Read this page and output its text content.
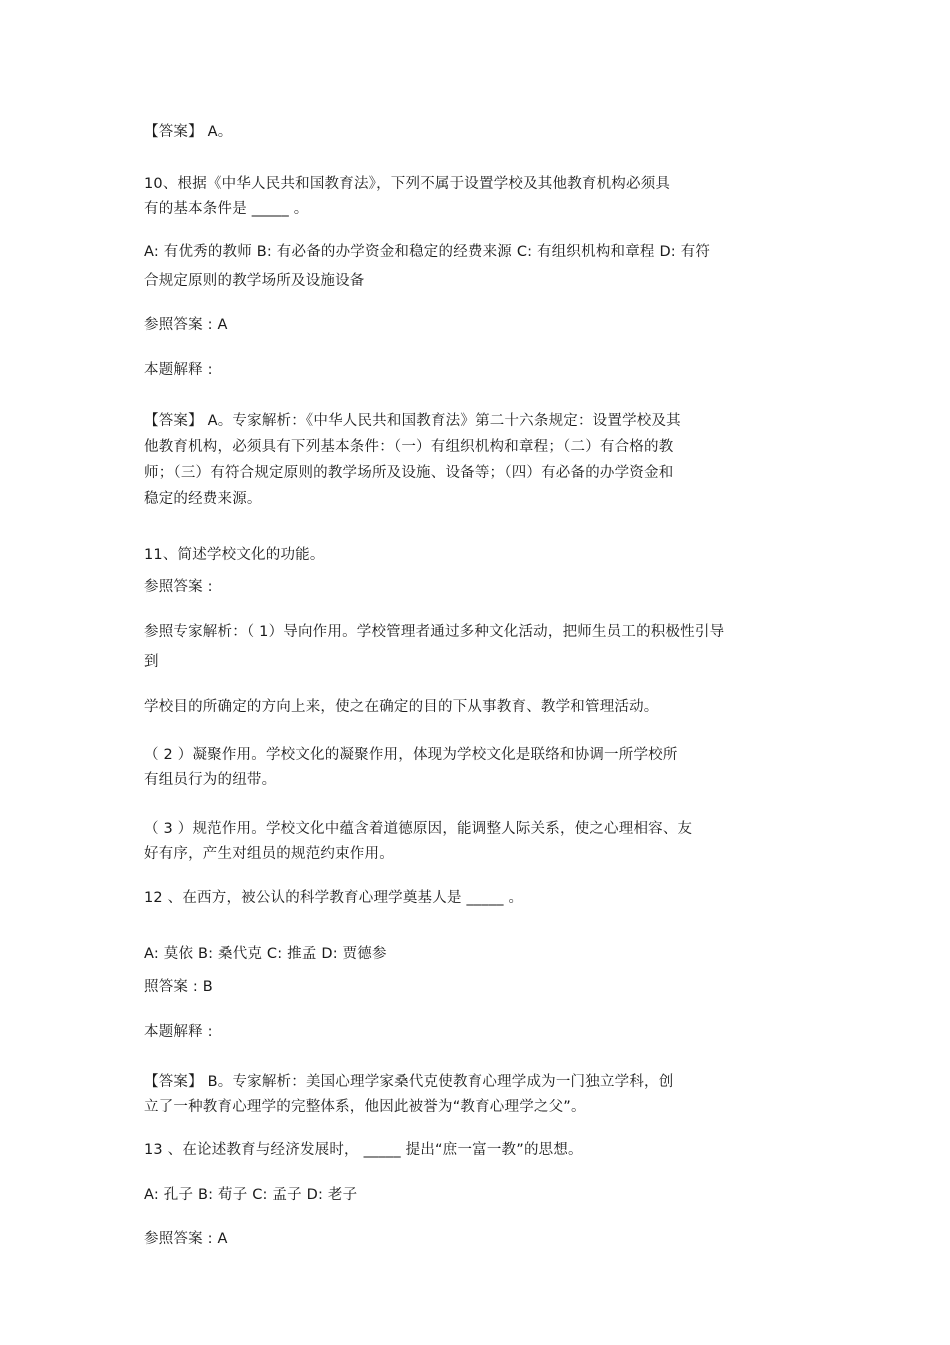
【答案】 A。
10、根据《中华人民共和国教育法》，下列不属于设置学校及其他教育机构必须具
有的基本条件是 _____ 。
A: 有优秀的教师 B: 有必备的办学资金和稳定的经费来源 C: 有组织机构和章程 D: 有符
合规定原则的教学场所及设施设备
参照答案 : A
本题解释 :
【答案】 A。专家解析：《中华人民共和国教育法》第二十六条规定：设置学校及其
他教育机构，必须具有下列基本条件：（一）有组织机构和章程；（二）有合格的教
师；（三）有符合规定原则的教学场所及设施、设备等；（四）有必备的办学资金和
稳定的经费来源。
11、简述学校文化的功能。
参照答案 :
参照专家解析：（ 1）导向作用。学校管理者通过多种文化活动，把师生员工的积极性引导
到
学校目的所确定的方向上来，使之在确定的目的下从事教育、教学和管理活动。
（ 2 ）凝聚作用。学校文化的凝聚作用，体现为学校文化是联络和协调一所学校所
有组员行为的纽带。
（ 3 ）规范作用。学校文化中蕴含着道德原因，能调整人际关系，使之心理相容、友
好有序，产生对组员的规范约束作用。
12 、在西方，被公认的科学教育心理学奠基人是 _____ 。
A: 莫依 B: 桑代克 C: 推孟 D: 贾德参
照答案 : B
本题解释 :
【答案】 B。专家解析：美国心理学家桑代克使教育心理学成为一门独立学科，创
立了一种教育心理学的完整体系，他因此被誉为“教育心理学之父”。
13 、在论述教育与经济发展时， _____ 提出“庶一富一教”的思想。
A: 孔子 B: 荀子 C: 孟子 D: 老子
参照答案 : A
